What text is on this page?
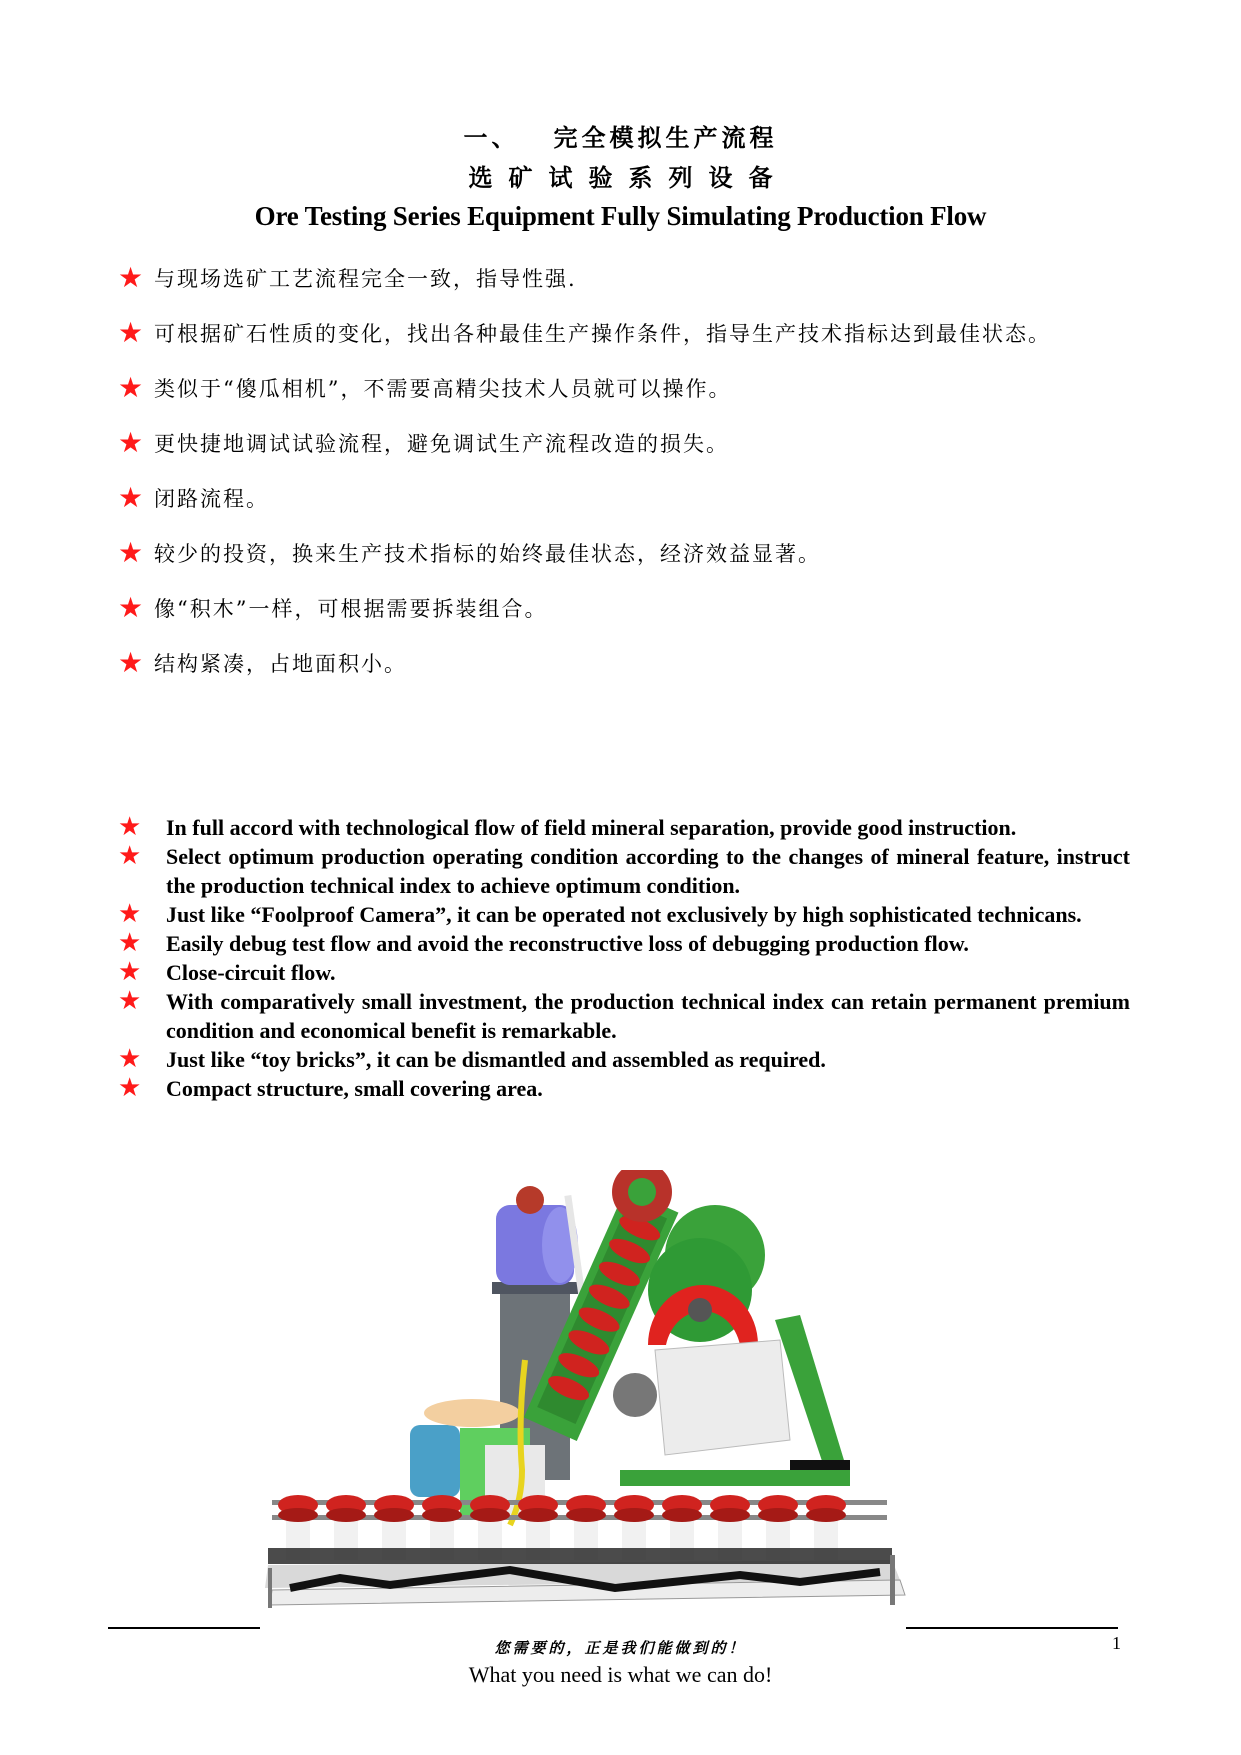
一、 完全模拟生产流程
选矿试验系列设备
Ore Testing Series Equipment Fully Simulating Production Flow
★ 与现场选矿工艺流程完全一致，指导性强.
★ 可根据矿石性质的变化，找出各种最佳生产操作条件，指导生产技术指标达到最佳状态。
★ 类似于“傻瓜相机”，不需要高精尖技术人员就可以操作。
★ 更快捷地调试试验流程，避免调试生产流程改造的损失。
★ 闭路流程。
★ 较少的投资，换来生产技术指标的始终最佳状态，经济效益显著。
★ 像“积木”一样，可根据需要拆装组合。
★ 结构紧凑，占地面积小。
★	In full accord with technological flow of field mineral separation, provide good instruction.
★	Select optimum production operating condition according to the changes of mineral feature, instruct the production technical index to achieve optimum condition.
★	Just like “Foolproof Camera”, it can be operated not exclusively by high sophisticated technicans.
★	Easily debug test flow and avoid the reconstructive loss of debugging production flow.
★	Close-circuit flow.
★	With comparatively small investment, the production technical index can retain permanent premium condition and economical benefit is remarkable.
★	Just like “toy bricks”, it can be dismantled and assembled as required.
★	Compact structure, small covering area.
您需要的，正是我们能做到的！
What you need is what we can do!
1
